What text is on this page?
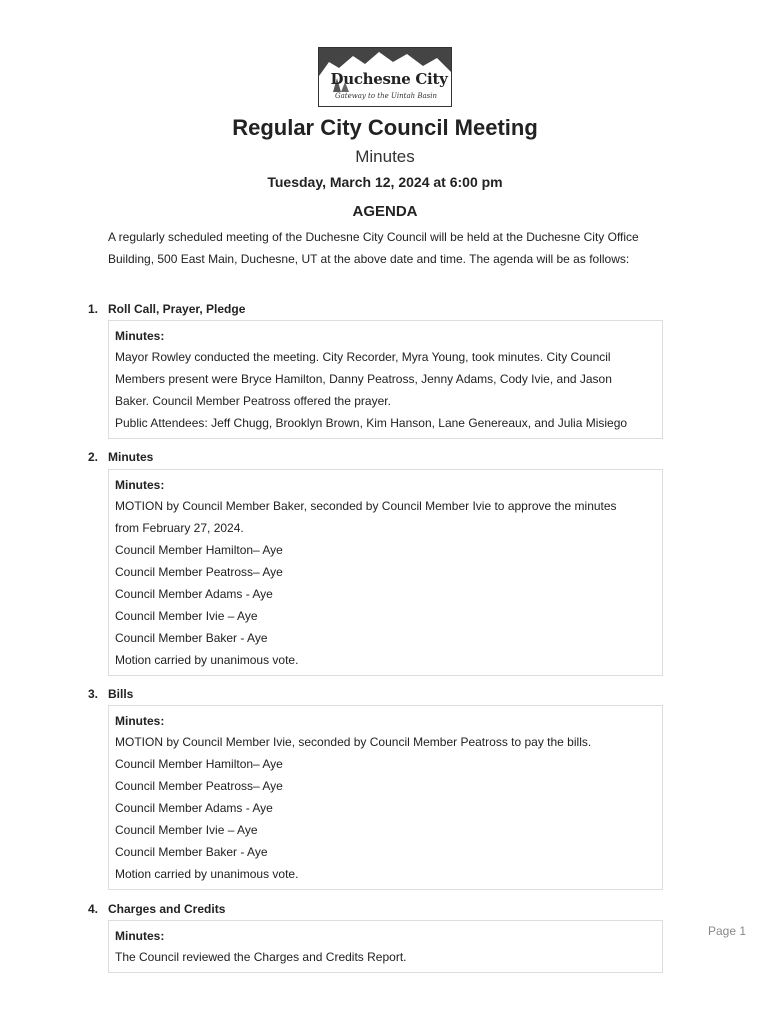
Duchesne City
Gateway to the Uintah Basin
Regular City Council Meeting
Minutes
Tuesday, March 12, 2024 at 6:00 pm
AGENDA
A regularly scheduled meeting of the Duchesne City Council will be held at the Duchesne City Office Building, 500 East Main, Duchesne, UT at the above date and time. The agenda will be as follows:
1. Roll Call, Prayer, Pledge
Minutes:
Mayor Rowley conducted the meeting. City Recorder, Myra Young, took minutes. City Council
Members present were Bryce Hamilton, Danny Peatross, Jenny Adams, Cody Ivie, and Jason
Baker. Council Member Peatross offered the prayer.
Public Attendees: Jeff Chugg, Brooklyn Brown, Kim Hanson, Lane Genereaux, and Julia Misiego
2. Minutes
Minutes:
MOTION by Council Member Baker, seconded by Council Member Ivie to approve the minutes
from February 27, 2024.
Council Member Hamilton– Aye
Council Member Peatross– Aye
Council Member Adams - Aye
Council Member Ivie – Aye
Council Member Baker - Aye
Motion carried by unanimous vote.
3. Bills
Minutes:
MOTION by Council Member Ivie, seconded by Council Member Peatross to pay the bills.
Council Member Hamilton– Aye
Council Member Peatross– Aye
Council Member Adams - Aye
Council Member Ivie – Aye
Council Member Baker - Aye
Motion carried by unanimous vote.
4. Charges and Credits
Minutes:
The Council reviewed the Charges and Credits Report.
Page 1
